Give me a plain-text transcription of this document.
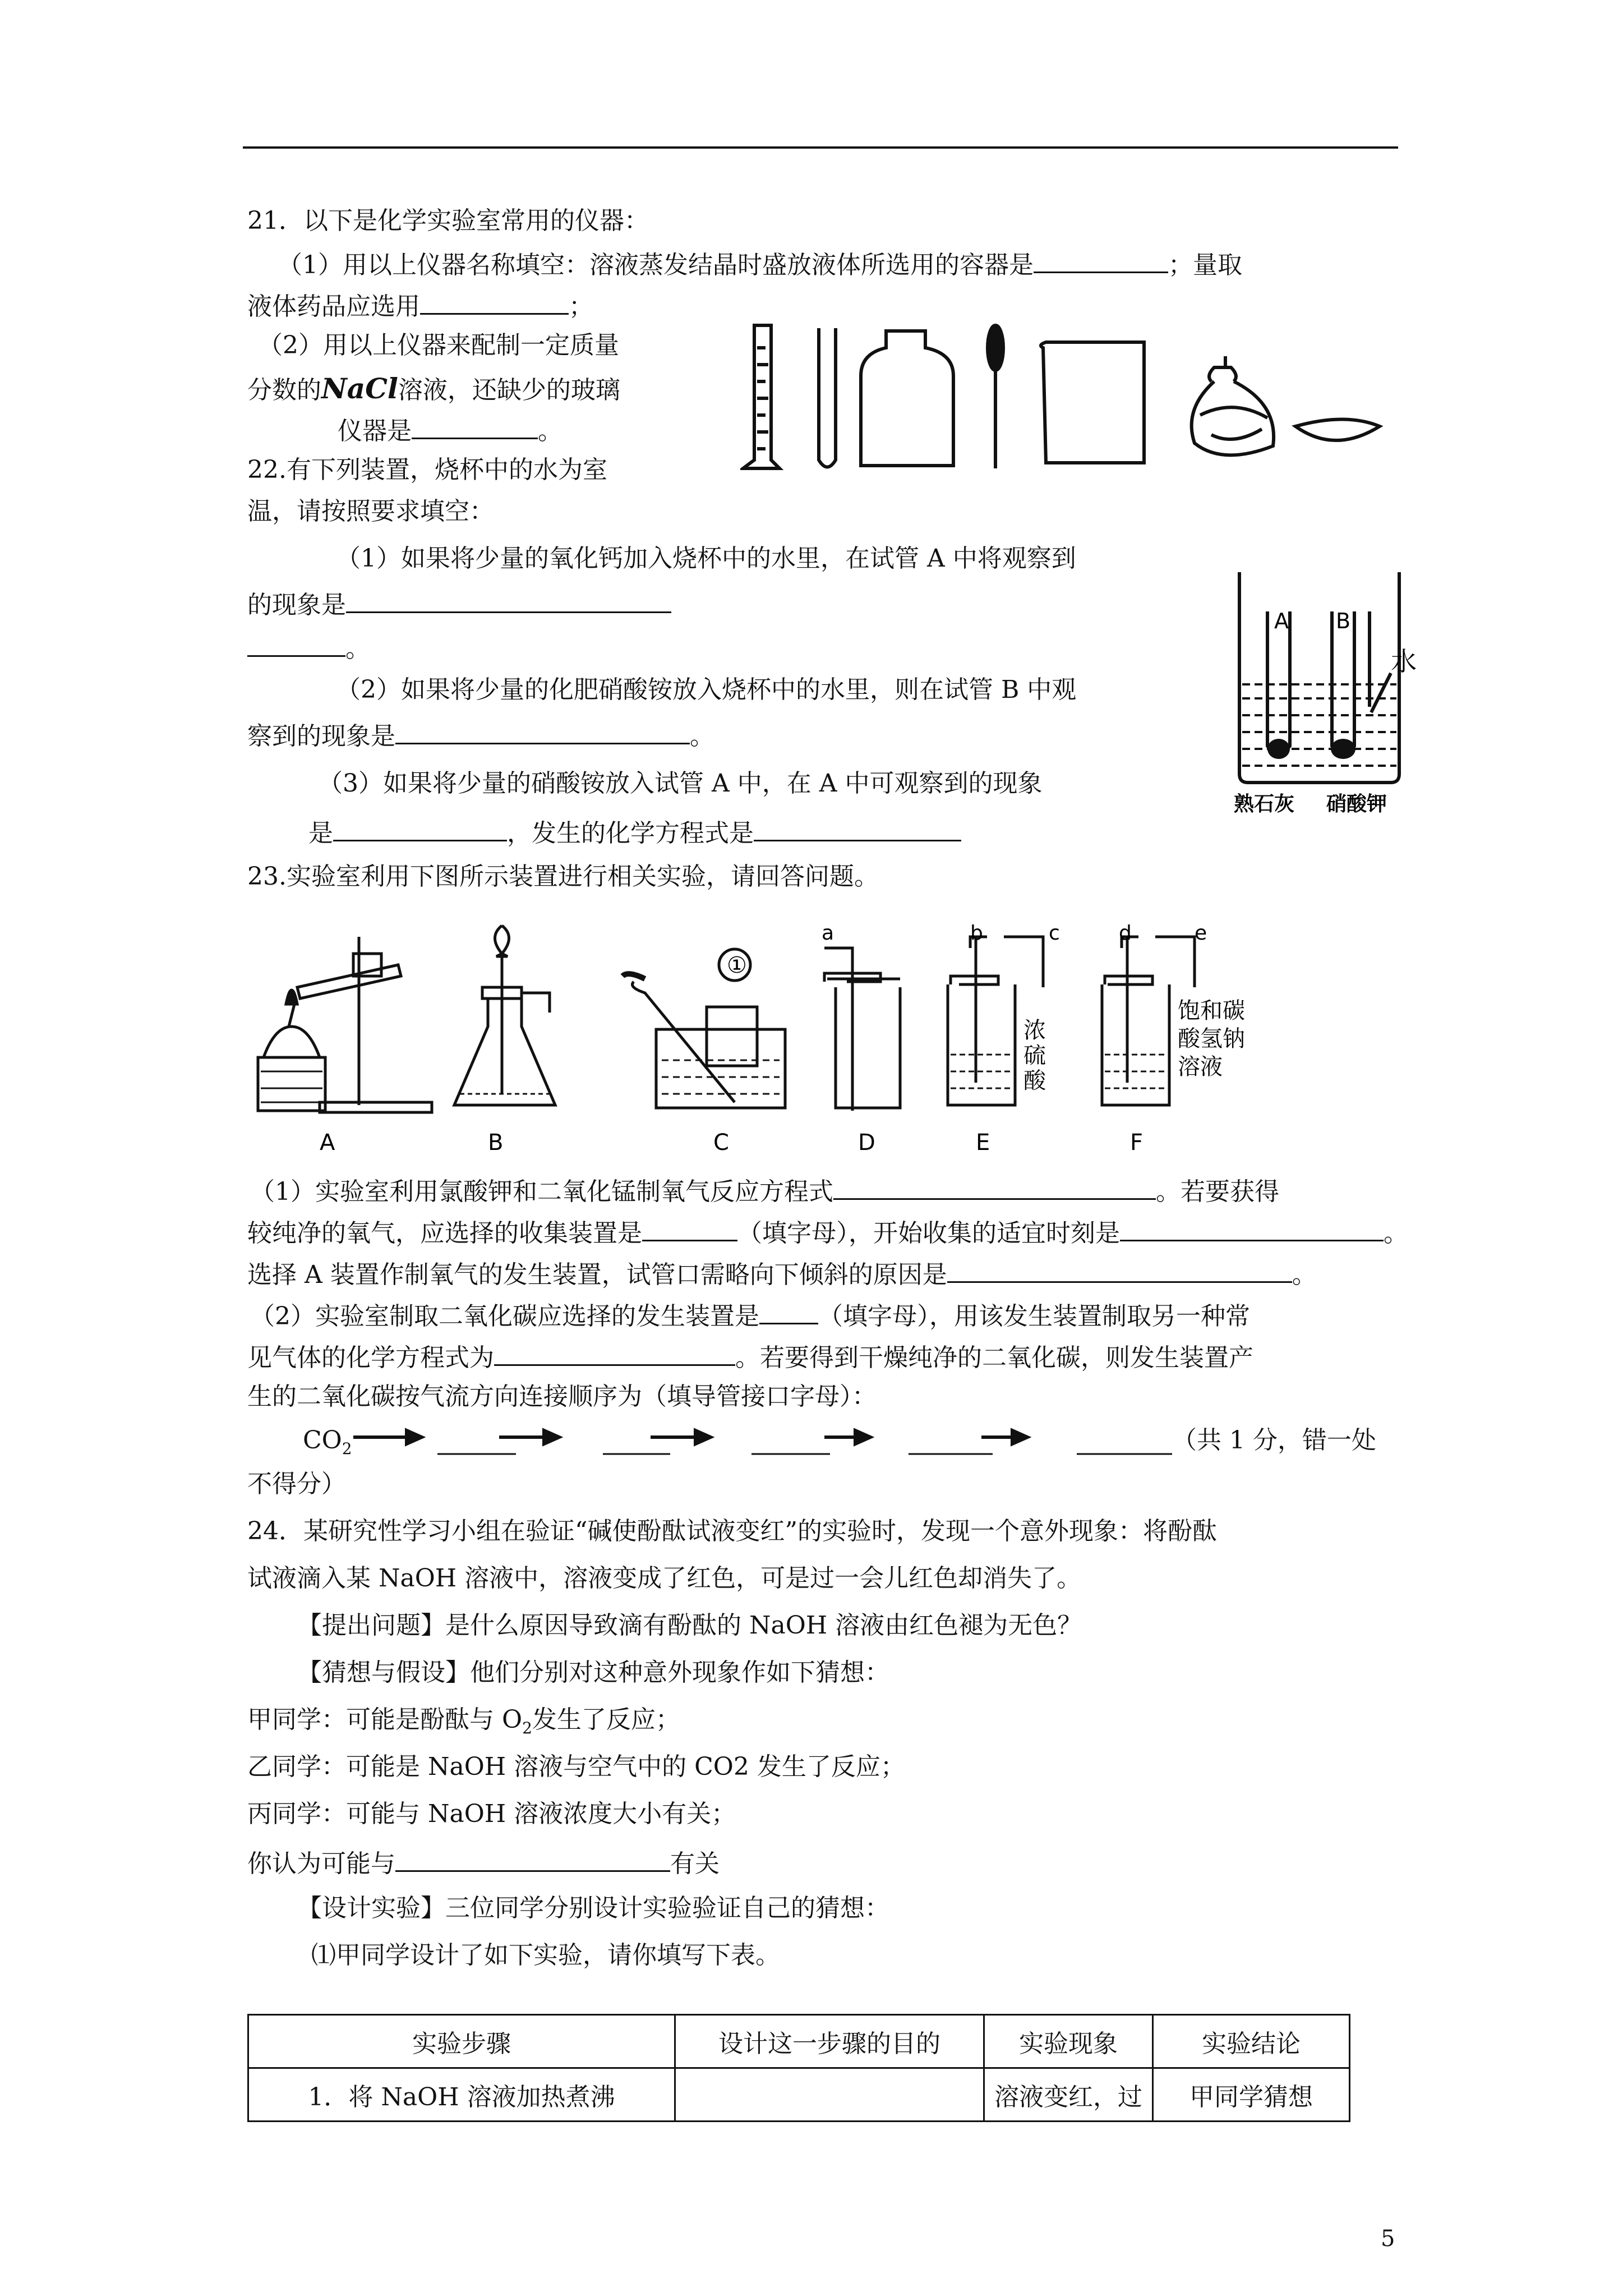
21．以下是化学实验室常用的仪器：
（1）用以上仪器名称填空：溶液蒸发结晶时盛放液体所选用的容器是	；量取
液体药品应选用	；
（2）用以上仪器来配制一定质量
分数的NaCl溶液，还缺少的玻璃
仪器是	。
22.有下列装置，烧杯中的水为室
温，请按照要求填空：
（1）如果将少量的氧化钙加入烧杯中的水里，在试管 A 中将观察到
的现象是
。
（2）如果将少量的化肥硝酸铵放入烧杯中的水里，则在试管 B 中观
察到的现象是	。
（3）如果将少量的硝酸铵放入试管 A 中，在 A 中可观察到的现象
是	，发生的化学方程式是
A B
水
熟石灰 硝酸钾
23.实验室利用下图所示装置进行相关实验，请回答问题。
①
a	b	c	d	e
浓
硫
酸
饱和碳
酸氢钠
溶液
A	B	C	D	E	F
（1）实验室利用氯酸钾和二氧化锰制氧气反应方程式	。若要获得
较纯净的氧气，应选择的收集装置是	（填字母），开始收集的适宜时刻是	。
选择 A 装置作制氧气的发生装置，试管口需略向下倾斜的原因是	。
（2）实验室制取二氧化碳应选择的发生装置是 （填字母），用该发生装置制取另一种常
见气体的化学方程式为	。若要得到干燥纯净的二氧化碳，则发生装置产
生的二氧化碳按气流方向连接顺序为（填导管接口字母）：
$CO_2$	（共 1 分，错一处
不得分）
24．某研究性学习小组在验证“碱使酚酞试液变红”的实验时，发现一个意外现象：将酚酞
试液滴入某 NaOH 溶液中，溶液变成了红色，可是过一会儿红色却消失了。
【提出问题】是什么原因导致滴有酚酞的 NaOH 溶液由红色褪为无色？
【猜想与假设】他们分别对这种意外现象作如下猜想：
甲同学：可能是酚酞与 $O_2$发生了反应；
乙同学：可能是 NaOH 溶液与空气中的 CO2 发生了反应；
丙同学：可能与 NaOH 溶液浓度大小有关；
你认为可能与	有关
【设计实验】三位同学分别设计实验验证自己的猜想：
⑴甲同学设计了如下实验，请你填写下表。
实验步骤	设计这一步骤的目的	实验现象	实验结论
1．将 NaOH 溶液加热煮沸		溶液变红，过	甲同学猜想
5
